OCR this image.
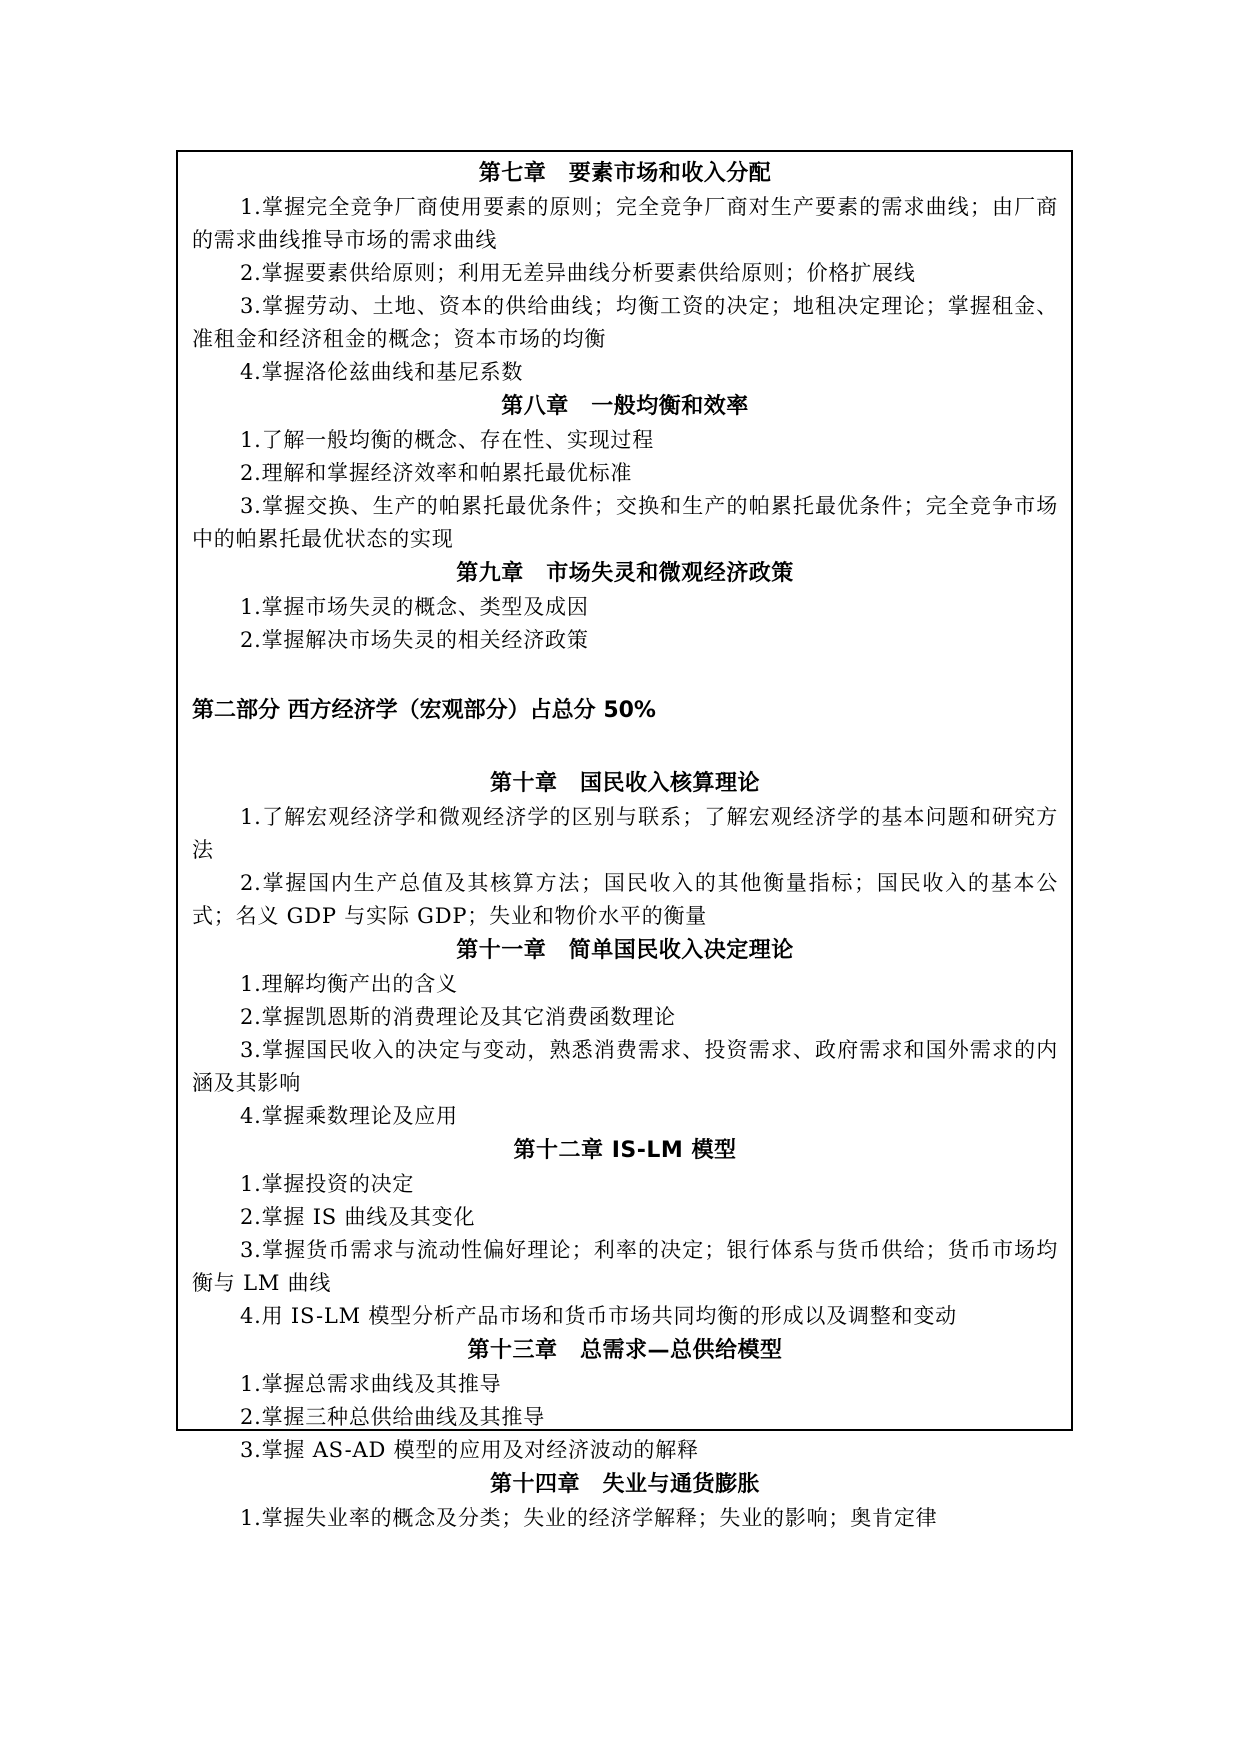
第七章　要素市场和收入分配

1.掌握完全竞争厂商使用要素的原则；完全竞争厂商对生产要素的需求曲线；由厂商的需求曲线推导市场的需求曲线

2.掌握要素供给原则；利用无差异曲线分析要素供给原则；价格扩展线

3.掌握劳动、土地、资本的供给曲线；均衡工资的决定；地租决定理论；掌握租金、准租金和经济租金的概念；资本市场的均衡

4.掌握洛伦兹曲线和基尼系数

第八章　一般均衡和效率

1.了解一般均衡的概念、存在性、实现过程

2.理解和掌握经济效率和帕累托最优标准

3.掌握交换、生产的帕累托最优条件；交换和生产的帕累托最优条件；完全竞争市场中的帕累托最优状态的实现

第九章　市场失灵和微观经济政策

1.掌握市场失灵的概念、类型及成因

2.掌握解决市场失灵的相关经济政策

第二部分 西方经济学（宏观部分）占总分 50%
第十章　国民收入核算理论

1.了解宏观经济学和微观经济学的区别与联系；了解宏观经济学的基本问题和研究方法

2.掌握国内生产总值及其核算方法；国民收入的其他衡量指标；国民收入的基本公式；名义 GDP 与实际 GDP；失业和物价水平的衡量

第十一章　简单国民收入决定理论

1.理解均衡产出的含义

2.掌握凯恩斯的消费理论及其它消费函数理论

3.掌握国民收入的决定与变动，熟悉消费需求、投资需求、政府需求和国外需求的内涵及其影响

4.掌握乘数理论及应用

第十二章 IS-LM 模型

1.掌握投资的决定

2.掌握 IS 曲线及其变化

3.掌握货币需求与流动性偏好理论；利率的决定；银行体系与货币供给；货币市场均衡与 LM 曲线

4.用 IS-LM 模型分析产品市场和货币市场共同均衡的形成以及调整和变动

第十三章　总需求—总供给模型

1.掌握总需求曲线及其推导

2.掌握三种总供给曲线及其推导

3.掌握 AS-AD 模型的应用及对经济波动的解释

第十四章　失业与通货膨胀

1.掌握失业率的概念及分类；失业的经济学解释；失业的影响；奥肯定律
